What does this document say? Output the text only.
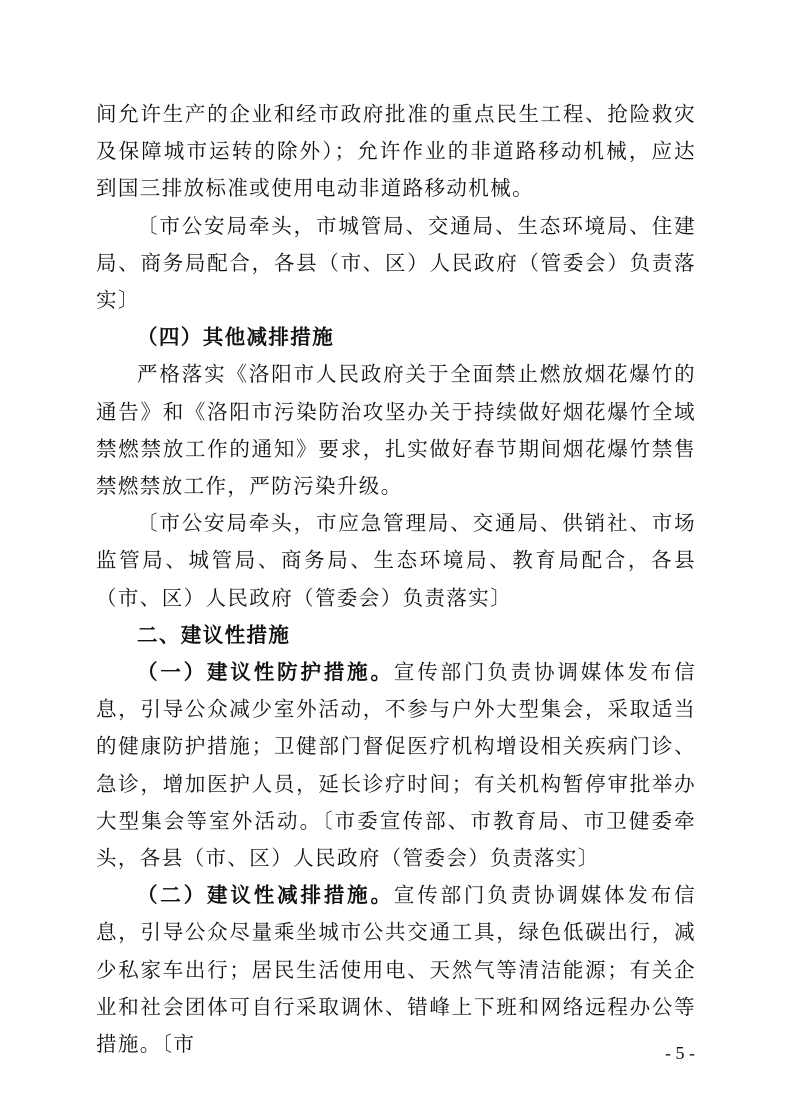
间允许生产的企业和经市政府批准的重点民生工程、抢险救灾及保障城市运转的除外）；允许作业的非道路移动机械，应达到国三排放标准或使用电动非道路移动机械。

〔市公安局牵头，市城管局、交通局、生态环境局、住建局、商务局配合，各县（市、区）人民政府（管委会）负责落实〕

（四）其他减排措施

严格落实《洛阳市人民政府关于全面禁止燃放烟花爆竹的通告》和《洛阳市污染防治攻坚办关于持续做好烟花爆竹全域禁燃禁放工作的通知》要求，扎实做好春节期间烟花爆竹禁售禁燃禁放工作，严防污染升级。

〔市公安局牵头，市应急管理局、交通局、供销社、市场监管局、城管局、商务局、生态环境局、教育局配合，各县（市、区）人民政府（管委会）负责落实〕

二、建议性措施

（一）建议性防护措施。宣传部门负责协调媒体发布信息，引导公众减少室外活动，不参与户外大型集会，采取适当的健康防护措施；卫健部门督促医疗机构增设相关疾病门诊、急诊，增加医护人员，延长诊疗时间；有关机构暂停审批举办大型集会等室外活动。〔市委宣传部、市教育局、市卫健委牵头，各县（市、区）人民政府（管委会）负责落实〕

（二）建议性减排措施。宣传部门负责协调媒体发布信息，引导公众尽量乘坐城市公共交通工具，绿色低碳出行，减少私家车出行；居民生活使用电、天然气等清洁能源；有关企业和社会团体可自行采取调休、错峰上下班和网络远程办公等措施。〔市	- 5 -
